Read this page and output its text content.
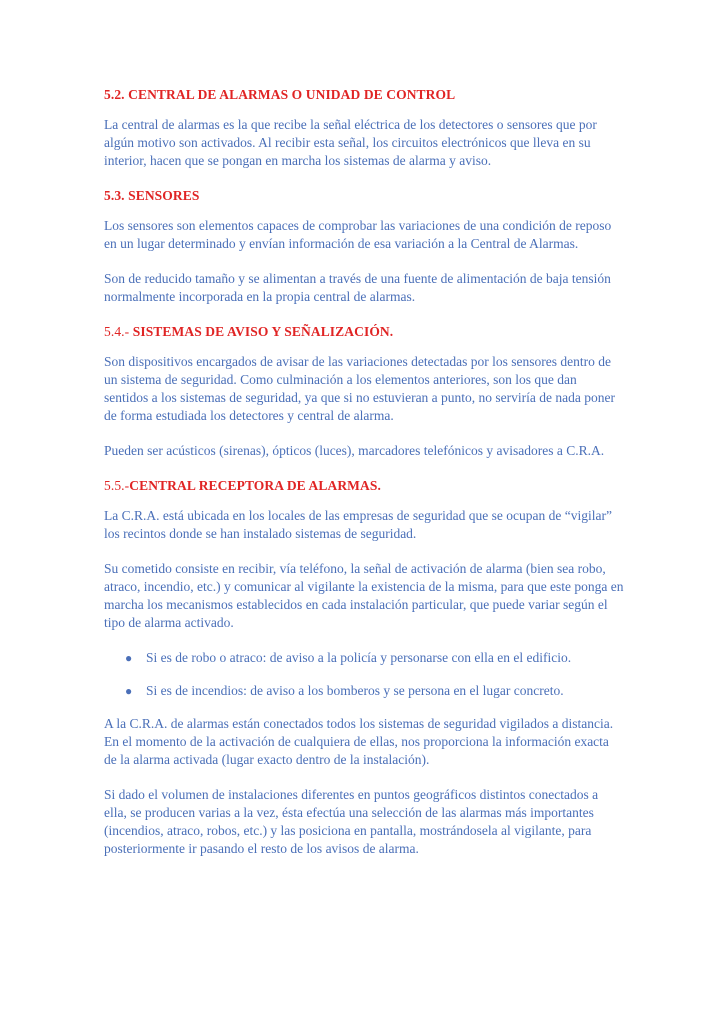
5.2. CENTRAL DE ALARMAS O UNIDAD DE CONTROL

La central de alarmas es la que recibe la señal eléctrica de los detectores o sensores que por algún motivo son activados. Al recibir esta señal, los circuitos electrónicos que lleva en su interior, hacen que se pongan en marcha los sistemas de alarma y aviso.

5.3. SENSORES

Los sensores son elementos capaces de comprobar las variaciones de una condición de reposo en un lugar determinado y envían información de esa variación a la Central de Alarmas.

Son de reducido tamaño y se alimentan a través de una fuente de alimentación de baja tensión normalmente incorporada en la propia central de alarmas.

5.4.- SISTEMAS DE AVISO Y SEÑALIZACIÓN.

Son dispositivos encargados de avisar de las variaciones detectadas por los sensores dentro de un sistema de seguridad. Como culminación a los elementos anteriores, son los que dan sentidos a los sistemas de seguridad, ya que si no estuvieran a punto, no serviría de nada poner de forma estudiada los detectores y central de alarma.

Pueden ser acústicos (sirenas), ópticos (luces), marcadores telefónicos y avisadores a C.R.A.

5.5.-CENTRAL RECEPTORA DE ALARMAS.

La C.R.A. está ubicada en los locales de las empresas de seguridad que se ocupan de “vigilar” los recintos donde se han instalado sistemas de seguridad.

Su cometido consiste en recibir, vía teléfono, la señal de activación de alarma (bien sea robo, atraco, incendio, etc.) y comunicar al vigilante la existencia de la misma, para que este ponga en marcha los mecanismos establecidos en cada instalación particular, que puede variar según el tipo de alarma activado.

● Si es de robo o atraco: de aviso a la policía y personarse con ella en el edificio.
● Si es de incendios: de aviso a los bomberos y se persona en el lugar concreto.

A la C.R.A. de alarmas están conectados todos los sistemas de seguridad vigilados a distancia. En el momento de la activación de cualquiera de ellas, nos proporciona la información exacta de la alarma activada (lugar exacto dentro de la instalación).

Si dado el volumen de instalaciones diferentes en puntos geográficos distintos conectados a ella, se producen varias a la vez, ésta efectúa una selección de las alarmas más importantes (incendios, atraco, robos, etc.) y las posiciona en pantalla, mostrándosela al vigilante, para posteriormente ir pasando el resto de los avisos de alarma.
